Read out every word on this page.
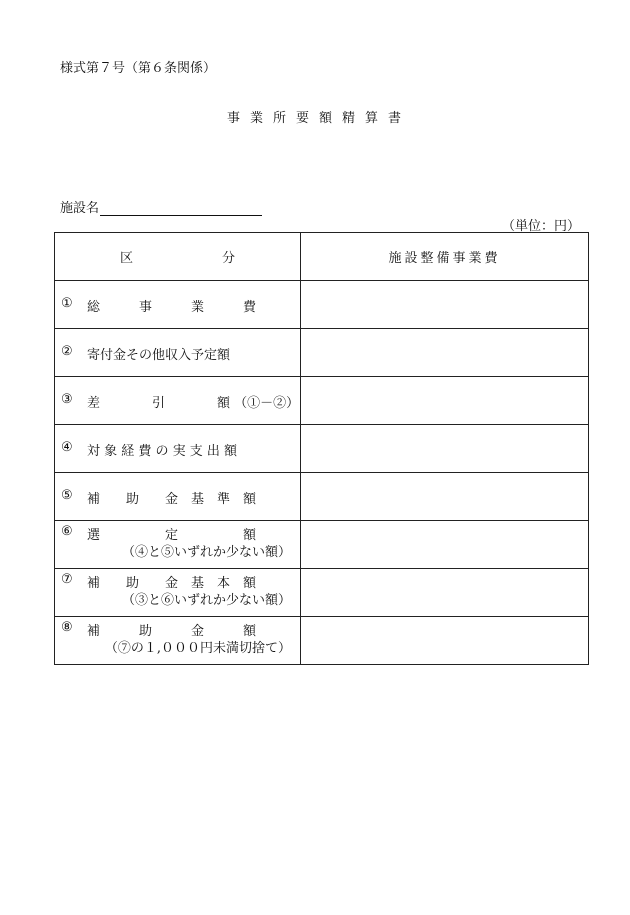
様式第７号（第６条関係）
事業所要額精算書
施設名
（単位：円）
区　分	施設整備事業費

① 総　　　事　　　業　　　費	

② 寄付金その他収入予定額	

③ 差　　　　引　　　　額 （①－②）	

④ 対 象 経 費 の 実 支 出 額	

⑤ 補　　助　　金　基　準　額	

⑥ 選　　　　　定　　　　　額
（④と⑤いずれか少ない額）	

⑦ 補　　助　　金　基　本　額
（③と⑥いずれか少ない額）	

⑧ 補　　　助　　　金　　　額
（⑦の１,０００円未満切捨て）	
